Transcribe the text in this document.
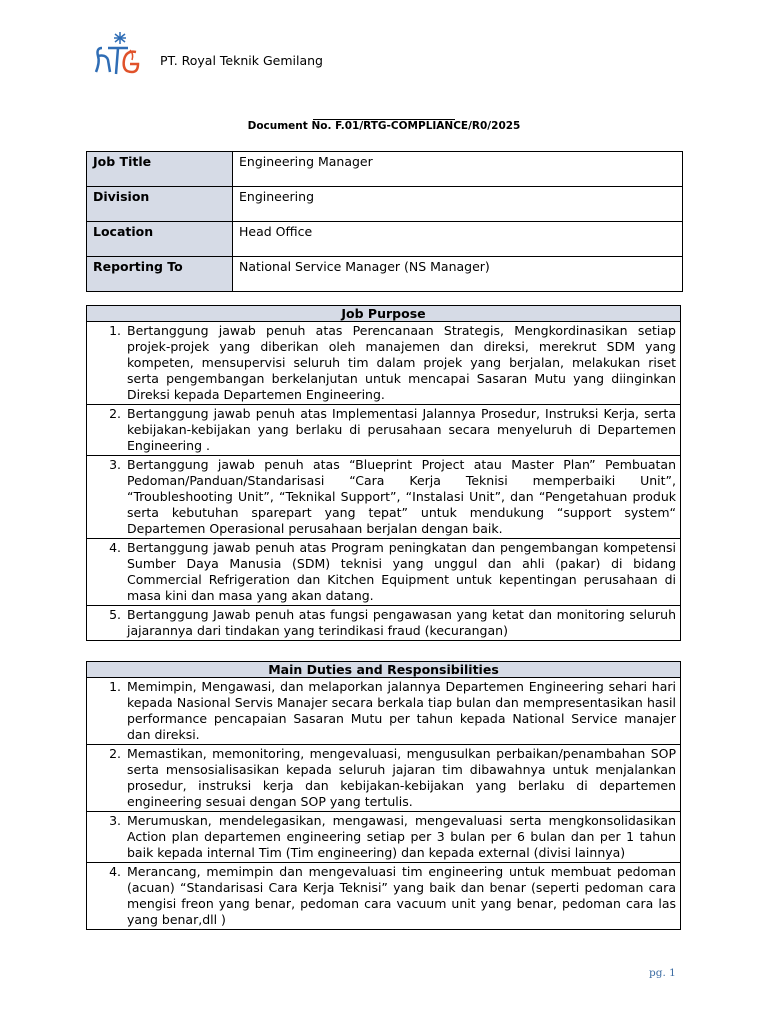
PT. Royal Teknik Gemilang
Document No. F.01/RTG-COMPLIANCE/R0/2025
Job Title	Engineering Manager
Division	Engineering
Location	Head Office
Reporting To	National Service Manager (NS Manager)
Job Purpose
1. Bertanggung jawab penuh atas Perencanaan Strategis, Mengkordinasikan setiap projek-projek yang diberikan oleh manajemen dan direksi, merekrut SDM yang kompeten, mensupervisi seluruh tim dalam projek yang berjalan, melakukan riset serta pengembangan berkelanjutan untuk mencapai Sasaran Mutu yang diinginkan Direksi kepada Departemen Engineering.
2. Bertanggung jawab penuh atas Implementasi Jalannya Prosedur, Instruksi Kerja, serta kebijakan-kebijakan yang berlaku di perusahaan secara menyeluruh di Departemen Engineering .
3. Bertanggung jawab penuh atas “Blueprint Project atau Master Plan” Pembuatan Pedoman/Panduan/Standarisasi “Cara Kerja Teknisi memperbaiki Unit”, “Troubleshooting Unit”, “Teknikal Support”, “Instalasi Unit”, dan “Pengetahuan produk serta kebutuhan sparepart yang tepat” untuk mendukung “support system“ Departemen Operasional perusahaan berjalan dengan baik.
4. Bertanggung jawab penuh atas Program peningkatan dan pengembangan kompetensi Sumber Daya Manusia (SDM) teknisi yang unggul dan ahli (pakar) di bidang Commercial Refrigeration dan Kitchen Equipment untuk kepentingan perusahaan di masa kini dan masa yang akan datang.
5. Bertanggung Jawab penuh atas fungsi pengawasan yang ketat dan monitoring seluruh jajarannya dari tindakan yang terindikasi fraud (kecurangan)
Main Duties and Responsibilities
1. Memimpin, Mengawasi, dan melaporkan jalannya Departemen Engineering sehari hari kepada Nasional Servis Manajer secara berkala tiap bulan dan mempresentasikan hasil performance pencapaian Sasaran Mutu per tahun kepada National Service manajer dan direksi.
2. Memastikan, memonitoring, mengevaluasi, mengusulkan perbaikan/penambahan SOP serta mensosialisasikan kepada seluruh jajaran tim dibawahnya untuk menjalankan prosedur, instruksi kerja dan kebijakan-kebijakan yang berlaku di departemen engineering sesuai dengan SOP yang tertulis.
3. Merumuskan, mendelegasikan, mengawasi, mengevaluasi serta mengkonsolidasikan Action plan departemen engineering setiap per 3 bulan per 6 bulan dan per 1 tahun baik kepada internal Tim (Tim engineering) dan kepada external (divisi lainnya)
4. Merancang, memimpin dan mengevaluasi tim engineering untuk membuat pedoman (acuan) “Standarisasi Cara Kerja Teknisi” yang baik dan benar (seperti pedoman cara mengisi freon yang benar, pedoman cara vacuum unit yang benar, pedoman cara las yang benar,dll )
pg. 1
